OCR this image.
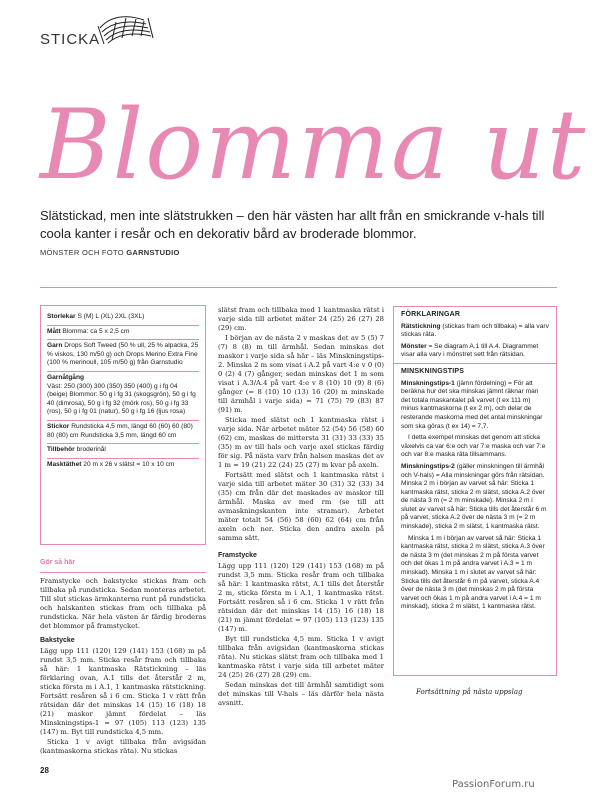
STICKA
Blomma ut
Slätstickad, men inte slätstrukken – den här västen har allt från en smickrande v-hals till coola kanter i resår och en dekorativ bård av broderade blommor.
MÖNSTER OCH FOTO GARNSTUDIO
Storlekar S (M) L (XL) 2XL (3XL)
Mått Blomma: ca 5 x 2,5 cm
Garn Drops Soft Tweed (50 % ull, 25 % alpacka, 25 % viskos, 130 m/50 g) och Drops Merino Extra Fine (100 % merinoull, 105 m/50 g) från Garnstudio
Garnåtgång
Väst: 250 (300) 300 (350) 350 (400) g i fg 04 (beige) Blommor: 50 g i fg 31 (skogsgrön), 50 g i fg 40 (dimrosa), 50 g i fg 32 (mörk ros), 50 g i fg 33 (ros), 50 g i fg 01 (natur), 50 g i fg 16 (ljus rosa)
Stickor Rundsticka 4,5 mm, längd 60 (60) 60 (80) 80 (80) cm Rundsticka 3,5 mm, längd 60 cm
Tillbehör broderinål
Masktäthet 20 m x 26 v slätst = 10 x 10 cm
Gör så här

Framstycke och bakstycke stickas fram och tillbaka på rundsticka. Sedan monteras arbetet. Till slut stickas ärmkanterna runt på rundsticka och halskanten stickas fram och tillbaka på rundsticka. När hela västen är färdig broderas det blommor på framstycket.

Bakstycke

Lägg upp 111 (120) 129 (141) 153 (168) m på rundst 3,5 mm. Sticka resår fram och tillbaka så här: 1 kantmaska Rätstickning – läs förklaring ovan, A.1 tills det återstår 2 m, sticka första m i A.1, 1 kantmaska rätstickning. Fortsätt resåren så i 6 cm. Sticka 1 v rätt från rätsidan där det minskas 14 (15) 16 (18) 18 (21) maskor jämnt fördelat – läs Minskningstips-1 = 97 (105) 113 (123) 135 (147) m. Byt till rundsticka 4,5 mm.

Sticka 1 v avigt tillbaka från avigsidan (kantmaskorna stickas räta). Nu stickas

slätst fram och tillbaka med 1 kantmaska rätst i varje sida till arbetet mäter 24 (25) 26 (27) 28 (29) cm.

I början av de nästa 2 v maskas det av 5 (5) 7 (7) 8 (8) m till ärmhål. Sedan minskas det maskor i varje sida så här – läs Minskningstips-2. Minska 2 m som visat i A.2 på vart 4:e v 0 (0) 0 (2) 4 (7) gånger, sedan minskas det 1 m som visat i A.3/A.4 på vart 4:e v 8 (10) 10 (9) 8 (6) gånger (= 8 (10) 10 (13) 16 (20) m minskade till ärmhål i varje sida) = 71 (75) 79 (83) 87 (91) m.

Sticka med slätst och 1 kantmaska rätst i varje sida. När arbetet mäter 52 (54) 56 (58) 60 (62) cm, maskas de mittersta 31 (31) 33 (33) 35 (35) m av till hals och varje axel stickas färdig för sig. På nästa varv från halsen maskas det av 1 m = 19 (21) 22 (24) 25 (27) m kvar på axeln.

Fortsätt med slätst och 1 kantmaska rätst i varje sida till arbetet mäter 30 (31) 32 (33) 34 (35) cm från där det maskades av maskor till ärmhål. Maska av med rm (se till att avmaskningskanten inte stramar). Arbetet mäter totalt 54 (56) 58 (60) 62 (64) cm från axeln och ner. Sticka den andra axeln på samma sätt.

Framstycke

Lägg upp 111 (120) 129 (141) 153 (168) m på rundst 3,5 mm. Sticka resår fram och tillbaka så här: 1 kantmaska rätst, A.1 tills det återstår 2 m, sticka första m i A.1, 1 kantmaska rätst. Fortsätt resåren så i 6 cm. Sticka 1 v rätt från rätsidan där det minskas 14 (15) 16 (18) 18 (21) m jämnt fördelat = 97 (105) 113 (123) 135 (147) m.

Byt till rundsticka 4,5 mm. Sticka 1 v avigt tillbaka från avigsidan (kantmaskorna stickas räta). Nu stickas slätst fram och tillbaka med 1 kantmaska rätst i varje sida till arbetet mäter 24 (25) 26 (27) 28 (29) cm.

Sedan minskas det till ärmhål samtidigt som det minskas till V-hals – läs därför hela nästa avsnitt.

FÖRKLARINGAR

Rätstickning (stickas fram och tillbaka) = alla varv stickas räta.

Mönster = Se diagram A.1 till A.4. Diagrammet visar alla varv i mönstret sett från rätsidan.

MINSKNINGSTIPS

Minskningstips-1 (jämn fördelning) = För att beräkna hur det ska minskas jämnt räknar man det totala maskantalet på varvet (t ex 111 m) minus kantmaskorna (t ex 2 m), och delar de resterande maskorna med det antal minskningar som ska göras (t ex 14) = 7,7.

I detta exempel minskas det genom att sticka växelvis ca var 6:e och var 7:e maska och var 7:e och var 8:e maska räta tillsammans.

Minskningstips-2 (gäller minskningen till ärmhål och V-hals) = Alla minskningar görs från rätsidan. Minska 2 m i början av varvet så här: Sticka 1 kantmaska rätst, sticka 2 m slätst, sticka A.2 över de nästa 3 m (= 2 m minskade). Minska 2 m i slutet av varvet så här: Sticka tills det återstår 6 m på varvet, sticka A.2 över de nästa 3 m (= 2 m minskade), sticka 2 m slätst, 1 kantmaska rätst.

Minska 1 m i början av varvet så här: Sticka 1 kantmaska rätst, sticka 2 m slätst, sticka A.3 över de nästa 3 m (det minskas 2 m på första varvet och det ökas 1 m på andra varvet i A.3 = 1 m minskad). Minska 1 m i slutet av varvet så här: Sticka tills det återstår 6 m på varvet, sticka A.4 över de nästa 3 m (det minskas 2 m på första varvet och ökas 1 m på andra varvet i A.4 = 1 m minskad), sticka 2 m slätst, 1 kantmaska rätst.

Fortsättning på nästa uppslag
28
PassionForum.ru
